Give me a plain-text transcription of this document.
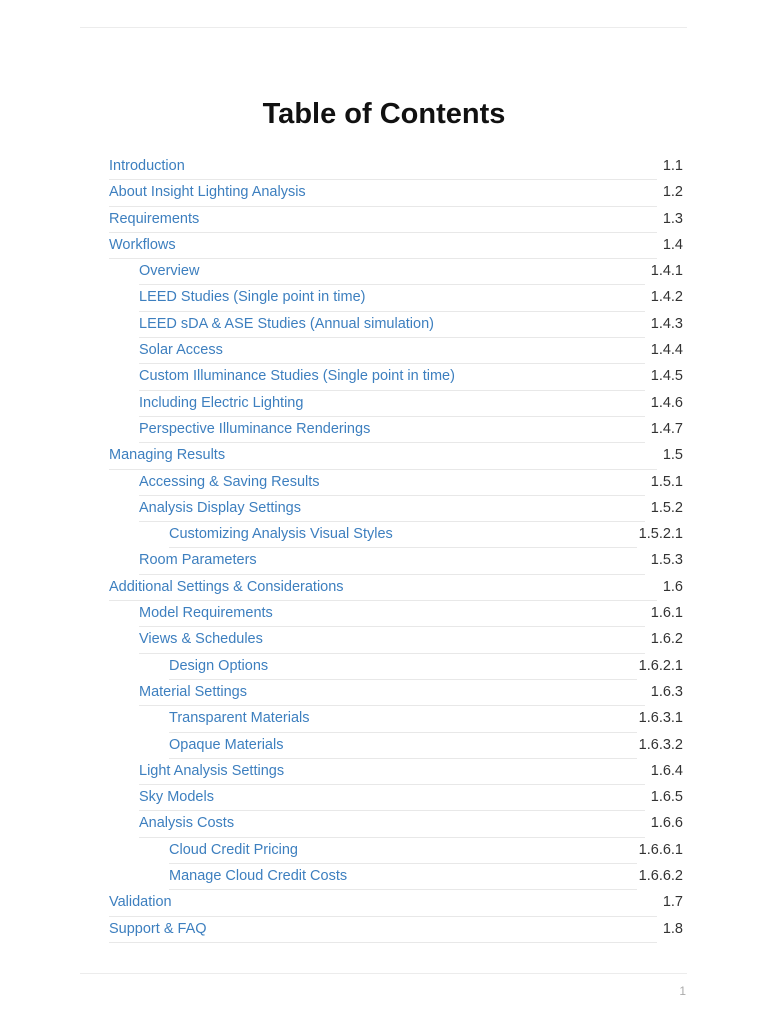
Table of Contents
Introduction	1.1
About Insight Lighting Analysis	1.2
Requirements	1.3
Workflows	1.4
Overview	1.4.1
LEED Studies (Single point in time)	1.4.2
LEED sDA & ASE Studies (Annual simulation)	1.4.3
Solar Access	1.4.4
Custom Illuminance Studies (Single point in time)	1.4.5
Including Electric Lighting	1.4.6
Perspective Illuminance Renderings	1.4.7
Managing Results	1.5
Accessing & Saving Results	1.5.1
Analysis Display Settings	1.5.2
Customizing Analysis Visual Styles	1.5.2.1
Room Parameters	1.5.3
Additional Settings & Considerations	1.6
Model Requirements	1.6.1
Views & Schedules	1.6.2
Design Options	1.6.2.1
Material Settings	1.6.3
Transparent Materials	1.6.3.1
Opaque Materials	1.6.3.2
Light Analysis Settings	1.6.4
Sky Models	1.6.5
Analysis Costs	1.6.6
Cloud Credit Pricing	1.6.6.1
Manage Cloud Credit Costs	1.6.6.2
Validation	1.7
Support & FAQ	1.8
1
